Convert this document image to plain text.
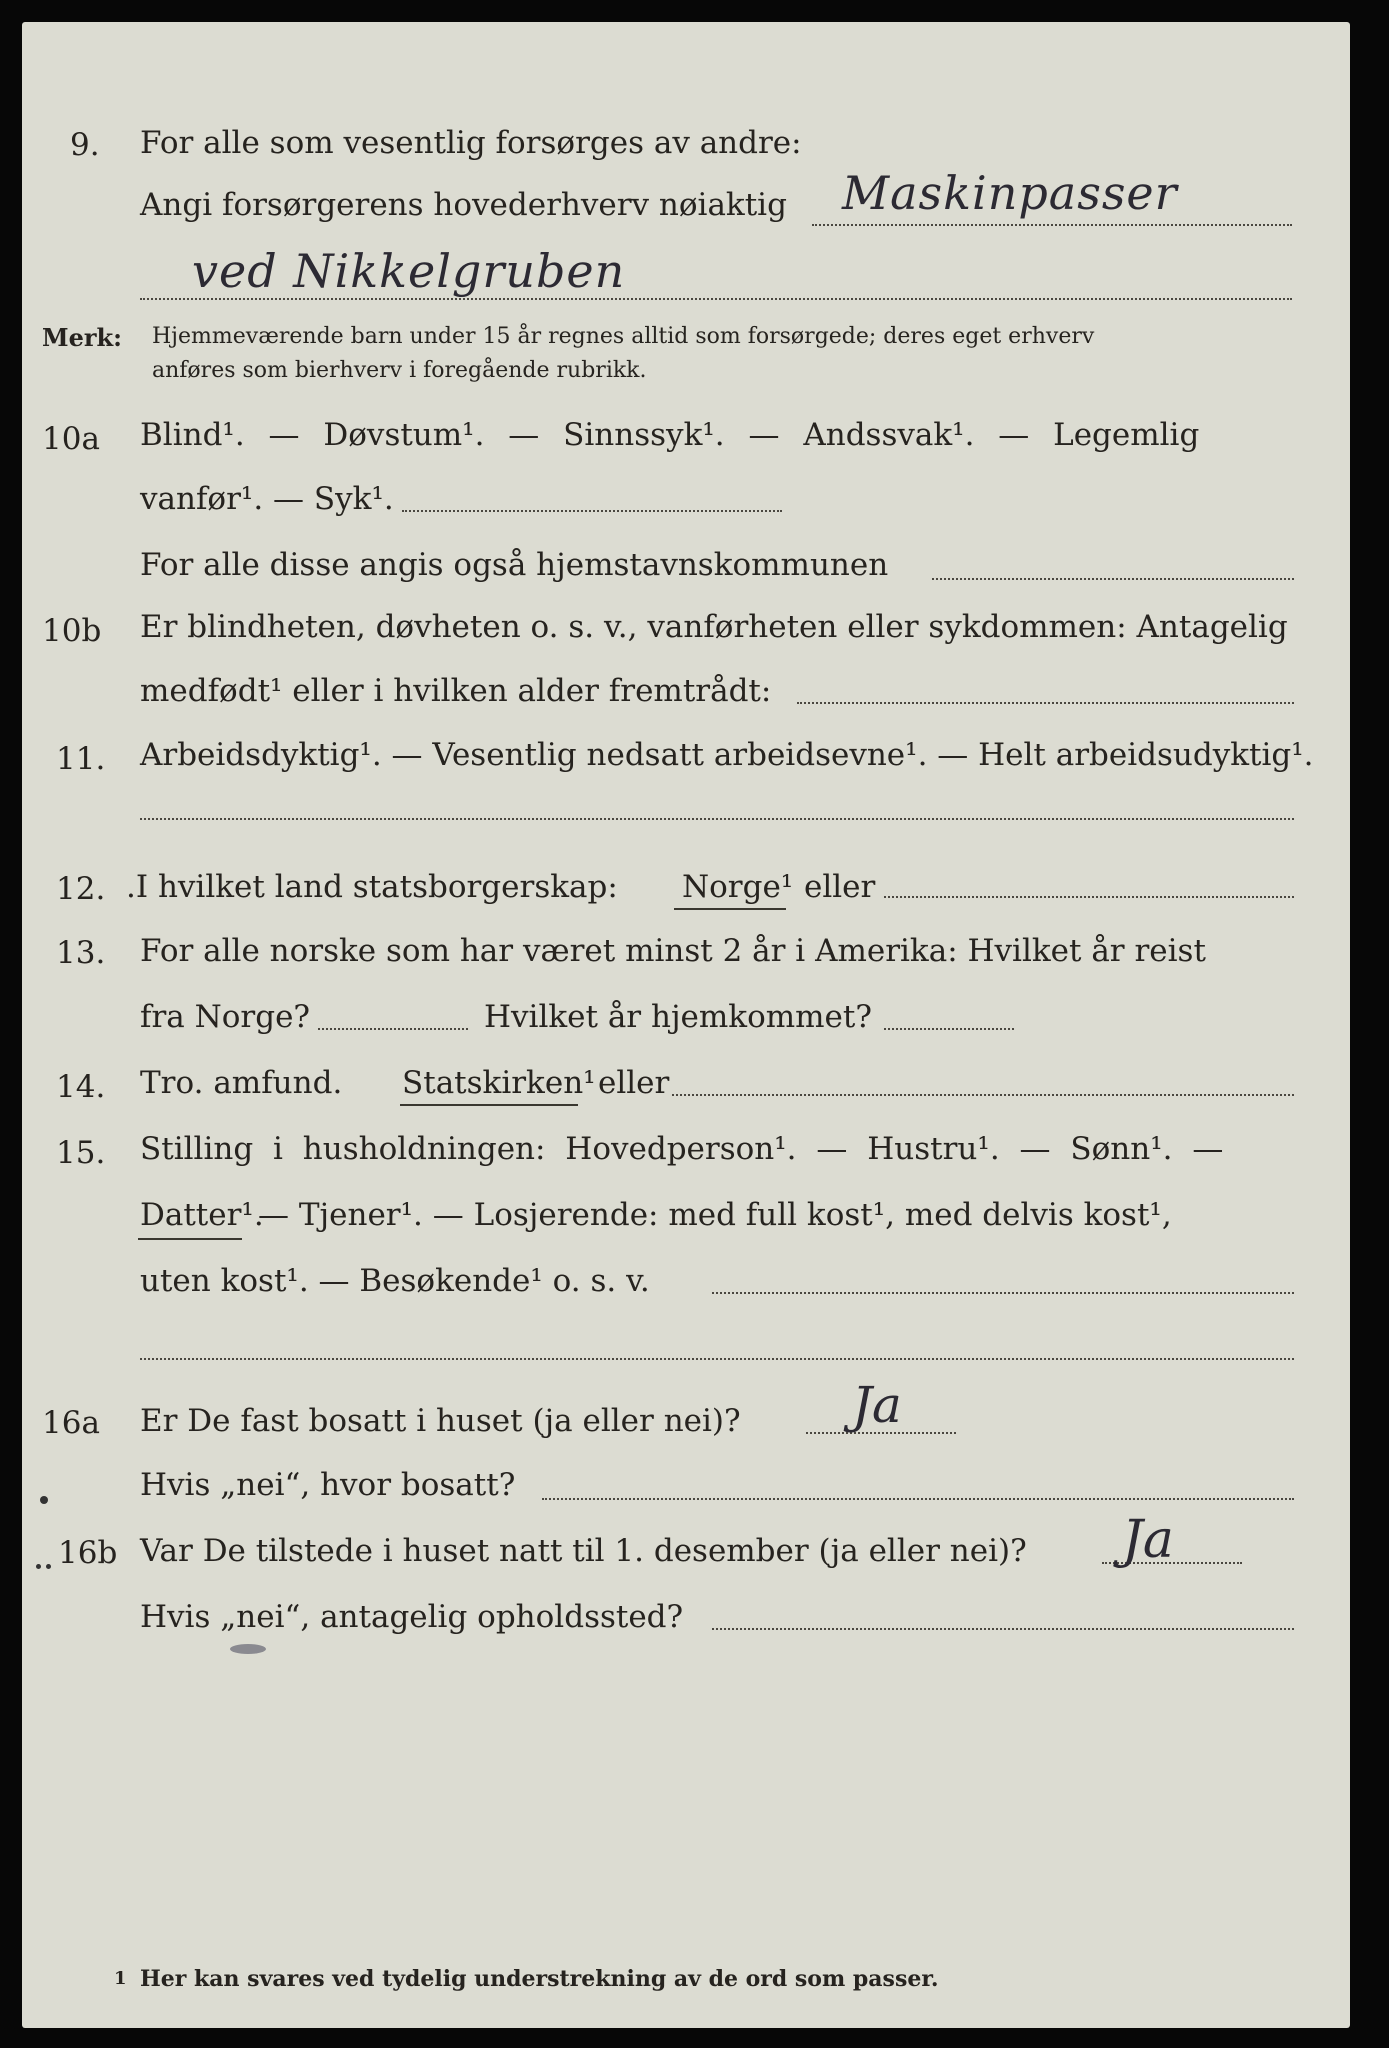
9. For alle som vesentlig forsørges av andre:
Angi forsørgerens hovederhverv nøiaktig Maskinpasser
ved Nikkelgruben
Merk: Hjemmeværende barn under 15 år regnes alltid som forsørgede; deres eget erhverv
anføres som bierhverv i foregående rubrikk.
10a Blind¹. — Døvstum¹. — Sinnssyk¹. — Andssvak¹. — Legemlig
vanfør¹. — Syk¹.
For alle disse angis også hjemstavnskommunen
10b Er blindheten, døvheten o. s. v., vanførheten eller sykdommen: Antagelig
medfødt¹ eller i hvilken alder fremtrådt:
11. Arbeidsdyktig¹. — Vesentlig nedsatt arbeidsevne¹. — Helt arbeidsudyktig¹.
12. .I hvilket land statsborgerskap: Norge¹ eller
13. For alle norske som har været minst 2 år i Amerika: Hvilket år reist
fra Norge?	Hvilket år hjemkommet?
14. Tro. amfund. Statskirken¹ eller
15. Stilling i husholdningen: Hovedperson¹. — Hustru¹. — Sønn¹. —
Datter¹.
— Tjener¹. — Losjerende: med full kost¹, med delvis kost¹,
uten kost¹. — Besøkende¹ o. s. v.
16a Er De fast bosatt i huset (ja eller nei)? Ja
Hvis „nei“, hvor bosatt?
16b Var De tilstede i huset natt til 1. desember (ja eller nei)? Ja
Hvis „nei“, antagelig opholdssted?
1 Her kan svares ved tydelig understrekning av de ord som passer.
